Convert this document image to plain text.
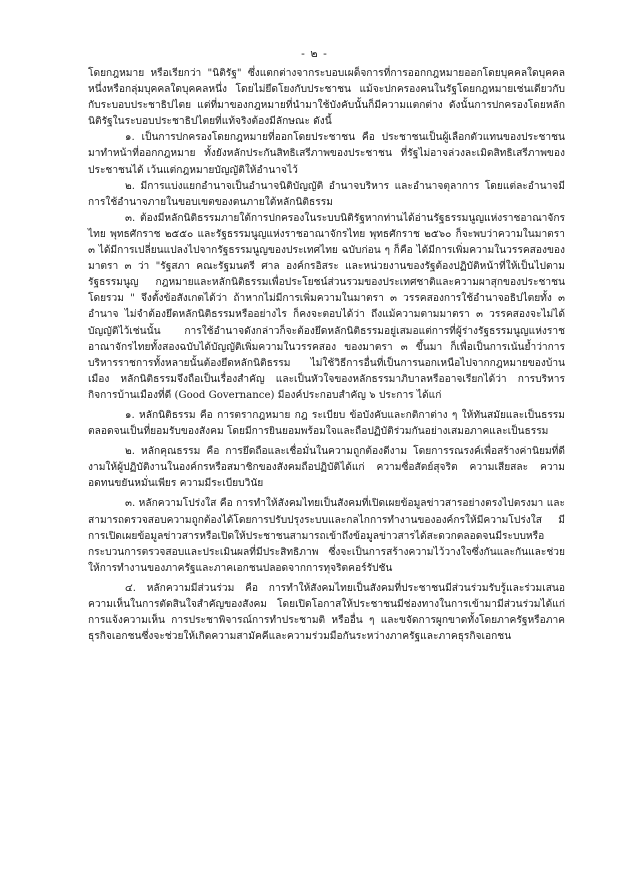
- ๒ -

โดยกฎหมาย หรือเรียกว่า "นิติรัฐ" ซึ่งแตกต่างจากระบอบเผด็จการที่การออกกฎหมายออกโดยบุคคลใดบุคคลหนึ่งหรือกลุ่มบุคคลใดบุคคลหนึ่ง โดยไม่ยึดโยงกับประชาชน แม้จะปกครองคนในรัฐโดยกฎหมายเช่นเดียวกับกับระบอบประชาธิปไตย แต่ที่มาของกฎหมายที่นำมาใช้บังคับนั้นก็มีความแตกต่าง ดังนั้นการปกครองโดยหลักนิติรัฐในระบอบประชาธิปไตยที่แท้จริงต้องมีลักษณะ ดังนี้

๑. เป็นการปกครองโดยกฎหมายที่ออกโดยประชาชน คือ ประชาชนเป็นผู้เลือกตัวแทนของประชาชนมาทำหน้าที่ออกกฎหมาย ทั้งยังหลักประกันสิทธิเสรีภาพของประชาชน ที่รัฐไม่อาจล่วงละเมิดสิทธิเสรีภาพของประชาชนได้ เว้นแต่กฎหมายบัญญัติให้อำนาจไว้

๒. มีการแบ่งแยกอำนาจเป็นอำนาจนิติบัญญัติ อำนาจบริหาร และอำนาจตุลาการ โดยแต่ละอำนาจมีการใช้อำนาจภายในขอบเขตของตนภายใต้หลักนิติธรรม

๓. ต้องมีหลักนิติธรรมภายใต้การปกครองในระบบนิติรัฐหากท่านได้อ่านรัฐธรรมนูญแห่งราชอาณาจักรไทย พุทธศักราช ๒๕๕๐ และรัฐธรรมนูญแห่งราชอาณาจักรไทย พุทธศักราช ๒๕๖๐ ก็จะพบว่าความในมาตรา ๓ ได้มีการเปลี่ยนแปลงไปจากรัฐธรรมนูญของประเทศไทย ฉบับก่อน ๆ ก็คือ ได้มีการเพิ่มความในวรรคสองของมาตรา ๓ ว่า "รัฐสภา คณะรัฐมนตรี ศาล องค์กรอิสระ และหน่วยงานของรัฐต้องปฏิบัติหน้าที่ให้เป็นไปตามรัฐธรรมนูญ กฎหมายและหลักนิติธรรมเพื่อประโยชน์ส่วนรวมของประเทศชาติและความผาสุกของประชาชนโดยรวม " จึงตั้งข้อสังเกตได้ว่า ถ้าหากไม่มีการเพิ่มความในมาตรา ๓ วรรคสองการใช้อำนาจอธิปไตยทั้ง ๓ อำนาจ ไม่จำต้องยึดหลักนิติธรรมหรืออย่างไร ก็คงจะตอบได้ว่า ถึงแม้ความตามมาตรา ๓ วรรคสองจะไม่ได้บัญญัติไว้เช่นนั้น การใช้อำนาจดังกล่าวก็จะต้องยึดหลักนิติธรรมอยู่เสมอแต่การที่ผู้ร่างรัฐธรรมนูญแห่งราชอาณาจักรไทยทั้งสองฉบับได้บัญญัติเพิ่มความในวรรคสอง ของมาตรา ๓ ขึ้นมา ก็เพื่อเป็นการเน้นย้ำว่าการบริหารราชการทั้งหลายนั้นต้องยึดหลักนิติธรรม ไม่ใช้วิธีการอื่นที่เป็นการนอกเหนือไปจากกฎหมายของบ้านเมือง หลักนิติธรรมจึงถือเป็นเรื่องสำคัญ และเป็นหัวใจของหลักธรรมาภิบาลหรืออาจเรียกได้ว่า การบริหารกิจการบ้านเมืองที่ดี (Good Governance) มีองค์ประกอบสำคัญ ๖ ประการ ได้แก่

๑. หลักนิติธรรม คือ การตรากฎหมาย กฎ ระเบียบ ข้อบังคับและกติกาต่าง ๆ ให้ทันสมัยและเป็นธรรม ตลอดจนเป็นที่ยอมรับของสังคม โดยมีการยินยอมพร้อมใจและถือปฏิบัติร่วมกันอย่างเสมอภาคและเป็นธรรม

๒. หลักคุณธรรม คือ การยึดถือและเชื่อมั่นในความถูกต้องดีงาม โดยการรณรงค์เพื่อสร้างค่านิยมที่ดีงามให้ผู้ปฏิบัติงานในองค์กรหรือสมาชิกของสังคมถือปฏิบัติได้แก่ ความซื่อสัตย์สุจริต ความเสียสละ ความอดทนขยันหมั่นเพียร ความมีระเบียบวินัย

๓. หลักความโปร่งใส คือ การทำให้สังคมไทยเป็นสังคมที่เปิดเผยข้อมูลข่าวสารอย่างตรงไปตรงมา และสามารถตรวจสอบความถูกต้องได้โดยการปรับปรุงระบบและกลไกการทำงานขององค์กรให้มีความโปร่งใส มีการเปิดเผยข้อมูลข่าวสารหรือเปิดให้ประชาชนสามารถเข้าถึงข้อมูลข่าวสารได้สะดวกตลอดจนมีระบบหรือกระบวนการตรวจสอบและประเมินผลที่มีประสิทธิภาพ ซึ่งจะเป็นการสร้างความไว้วางใจซึ่งกันและกันและช่วยให้การทำงานของภาครัฐและภาคเอกชนปลอดจากการทุจริตคอร์รัปชัน

๔. หลักความมีส่วนร่วม คือ การทำให้สังคมไทยเป็นสังคมที่ประชาชนมีส่วนร่วมรับรู้และร่วมเสนอความเห็นในการตัดสินใจสำคัญของสังคม โดยเปิดโอกาสให้ประชาชนมีช่องทางในการเข้ามามีส่วนร่วมได้แก่ การแจ้งความเห็น การประชาพิจารณ์การทำประชามติ หรืออื่น ๆ และขจัดการผูกขาดทั้งโดยภาครัฐหรือภาคธุรกิจเอกชนซึ่งจะช่วยให้เกิดความสามัคคีและความร่วมมือกันระหว่างภาครัฐและภาคธุรกิจเอกชน
